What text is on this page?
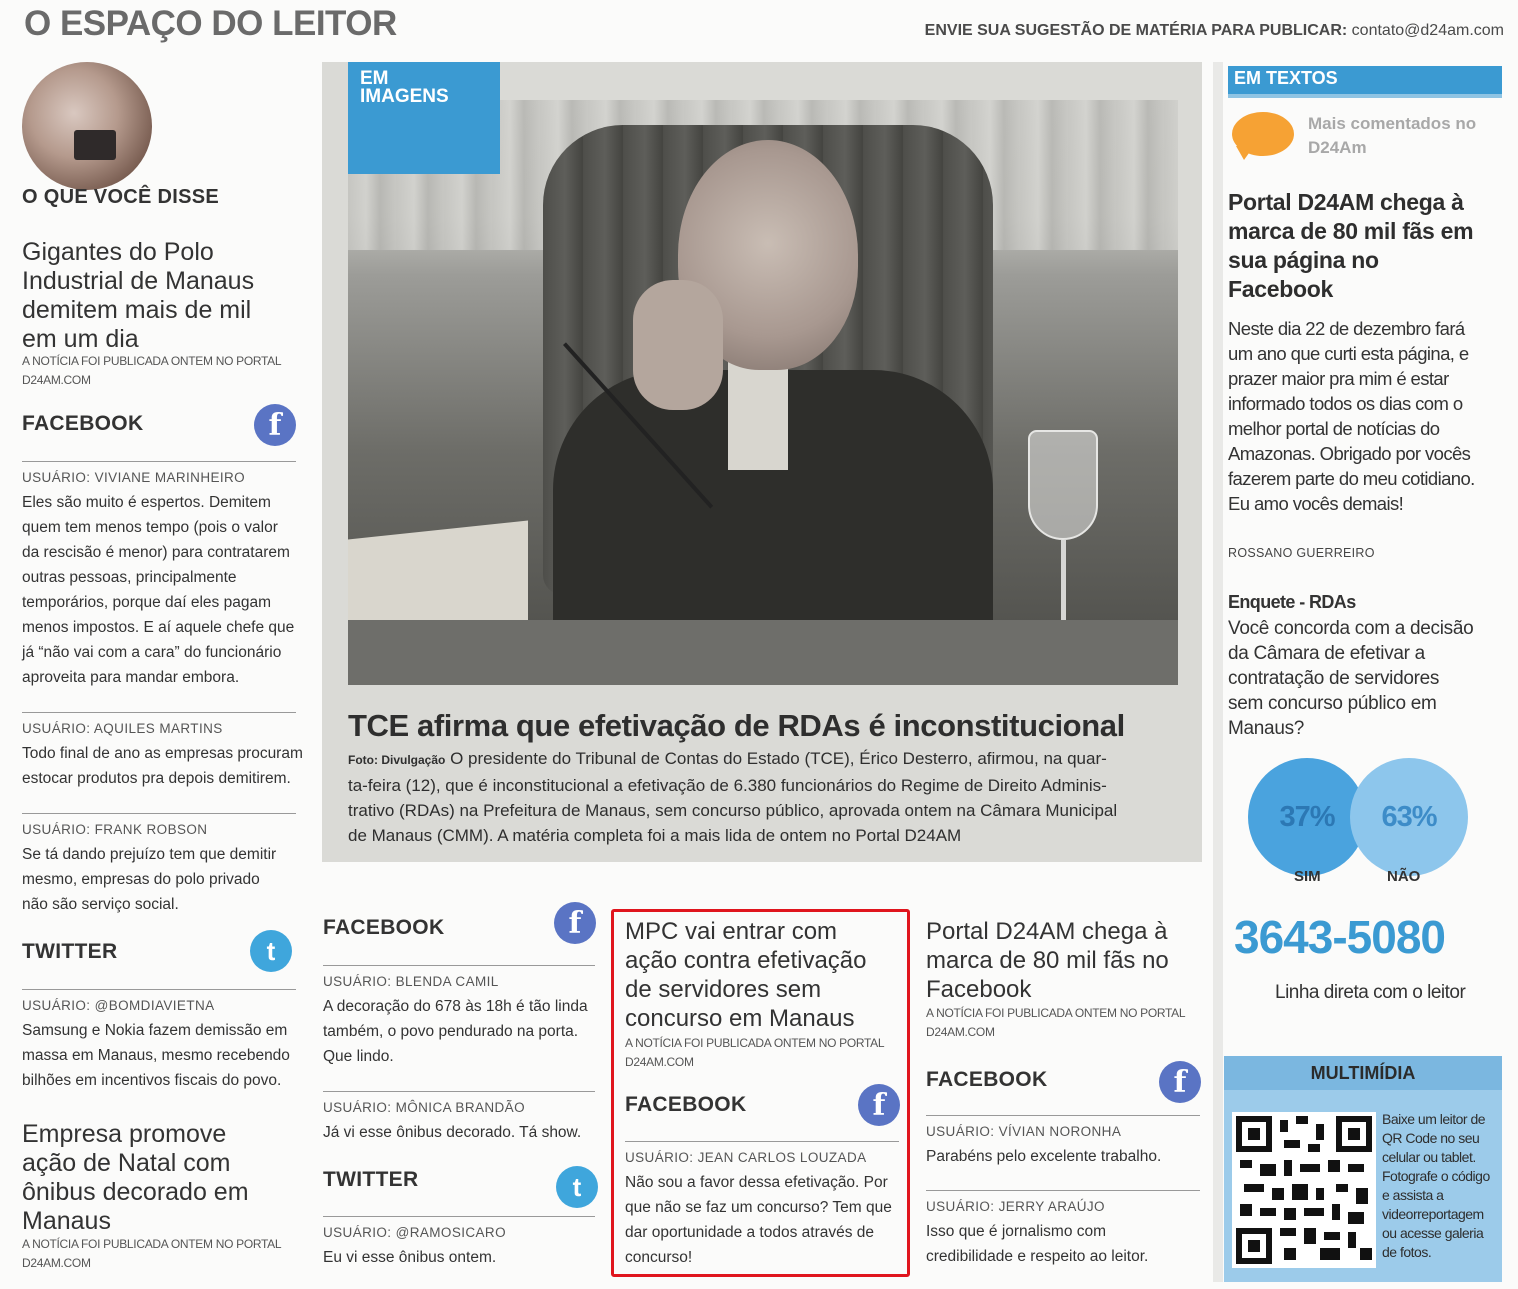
O ESPAÇO DO LEITOR	ENVIE SUA SUGESTÃO DE MATÉRIA PARA PUBLICAR: contato@d24am.com
O QUE VOCÊ DISSE
Gigantes do Polo
Industrial de Manaus
demitem mais de mil
em um dia
A NOTÍCIA FOI PUBLICADA ONTEM NO PORTAL
D24AM.COM
FACEBOOK	f
USUÁRIO: VIVIANE MARINHEIRO
Eles são muito é espertos. Demitem
quem tem menos tempo (pois o valor
da rescisão é menor) para contratarem
outras pessoas, principalmente
temporários, porque daí eles pagam
menos impostos. E aí aquele chefe que
já “não vai com a cara” do funcionário
aproveita para mandar embora.
USUÁRIO: AQUILES MARTINS
Todo final de ano as empresas procuram
estocar produtos pra depois demitirem.
USUÁRIO: FRANK ROBSON
Se tá dando prejuízo tem que demitir
mesmo, empresas do polo privado
não são serviço social.
TWITTER	t
USUÁRIO: @BOMDIAVIETNA
Samsung e Nokia fazem demissão em
massa em Manaus, mesmo recebendo
bilhões em incentivos fiscais do povo.
Empresa promove
ação de Natal com
ônibus decorado em
Manaus
A NOTÍCIA FOI PUBLICADA ONTEM NO PORTAL
D24AM.COM
EM
IMAGENS
TCE afirma que efetivação de RDAs é inconstitucional
Foto: Divulgação O presidente do Tribunal de Contas do Estado (TCE), Érico Desterro, afirmou, na quar-
ta-feira (12), que é inconstitucional a efetivação de 6.380 funcionários do Regime de Direito Adminis-
trativo (RDAs) na Prefeitura de Manaus, sem concurso público, aprovada ontem na Câmara Municipal
de Manaus (CMM). A matéria completa foi a mais lida de ontem no Portal D24AM
FACEBOOK	f
USUÁRIO: BLENDA CAMIL
A decoração do 678 às 18h é tão linda
também, o povo pendurado na porta.
Que lindo.
USUÁRIO: MÔNICA BRANDÃO
Já vi esse ônibus decorado. Tá show.
TWITTER	t
USUÁRIO: @RAMOSICARO
Eu vi esse ônibus ontem.
MPC vai entrar com
ação contra efetivação
de servidores sem
concurso em Manaus
A NOTÍCIA FOI PUBLICADA ONTEM NO PORTAL
D24AM.COM
FACEBOOK	f
USUÁRIO: JEAN CARLOS LOUZADA
Não sou a favor dessa efetivação. Por
que não se faz um concurso? Tem que
dar oportunidade a todos através de
concurso!
Portal D24AM chega à
marca de 80 mil fãs no
Facebook
A NOTÍCIA FOI PUBLICADA ONTEM NO PORTAL
D24AM.COM
FACEBOOK	f
USUÁRIO: VÍVIAN NORONHA
Parabéns pelo excelente trabalho.
USUÁRIO: JERRY ARAÚJO
Isso que é jornalismo com
credibilidade e respeito ao leitor.
EM TEXTOS
Mais comentados no
D24Am
Portal D24AM chega à
marca de 80 mil fãs em
sua página no
Facebook
Neste dia 22 de dezembro fará
um ano que curti esta página, e
prazer maior pra mim é estar
informado todos os dias com o
melhor portal de notícias do
Amazonas. Obrigado por vocês
fazerem parte do meu cotidiano.
Eu amo vocês demais!
ROSSANO GUERREIRO
Enquete - RDAs
Você concorda com a decisão
da Câmara de efetivar a
contratação de servidores
sem concurso público em
Manaus?
37%	63%
SIM	NÃO
3643-5080
Linha direta com o leitor
MULTIMÍDIA
Baixe um leitor de
QR Code no seu
celular ou tablet.
Fotografe o código
e assista a
videorreportagem
ou acesse galeria
de fotos.
